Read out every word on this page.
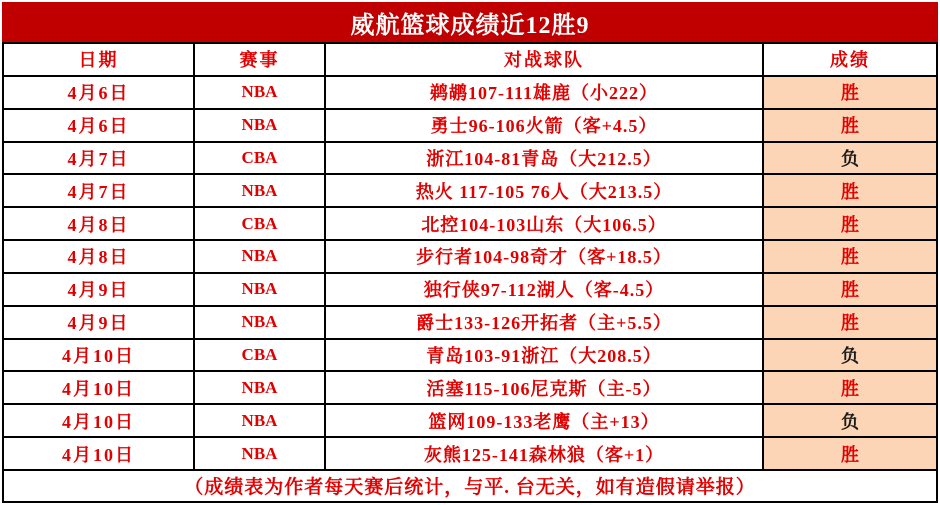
威航篮球成绩近12胜9
日期	赛事	对战球队	成绩
4月6日	NBA	鹈鹕107-111雄鹿（小222）	胜
4月6日	NBA	勇士96-106火箭（客+4.5）	胜
4月7日	CBA	浙江104-81青岛（大212.5）	负
4月7日	NBA	热火 117-105 76人（大213.5）	胜
4月8日	CBA	北控104-103山东（大106.5）	胜
4月8日	NBA	步行者104-98奇才（客+18.5）	胜
4月9日	NBA	独行侠97-112湖人（客-4.5）	胜
4月9日	NBA	爵士133-126开拓者（主+5.5）	胜
4月10日	CBA	青岛103-91浙江（大208.5）	负
4月10日	NBA	活塞115-106尼克斯（主-5）	胜
4月10日	NBA	篮网109-133老鹰（主+13）	负
4月10日	NBA	灰熊125-141森林狼（客+1）	胜
（成绩表为作者每天赛后统计，与平. 台无关，如有造假请举报）
